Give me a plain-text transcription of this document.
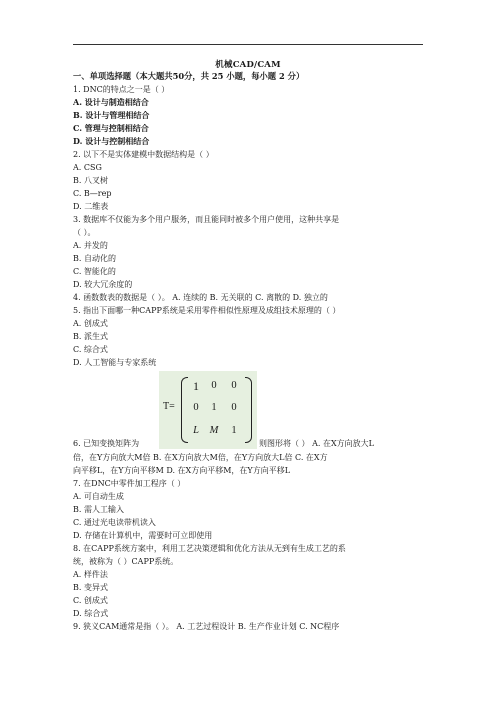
机械CAD/CAM
一、单项选择题（本大题共50分，共 25 小题，每小题 2 分）
1. DNC的特点之一是（ ）
A. 设计与制造相结合
B. 设计与管理相结合
C. 管理与控制相结合
D. 设计与控制相结合
2. 以下不是实体建模中数据结构是（ ）
A. CSG
B. 八叉树
C. B—rep
D. 二维表
3. 数据库不仅能为多个用户服务，而且能同时被多个用户使用，这种共享是
（ ）。
A. 并发的
B. 自动化的
C. 智能化的
D. 较大冗余度的
4. 函数数表的数据是（ ）。 A. 连续的 B. 无关联的 C. 离散的 D. 独立的
5. 指出下面哪一种CAPP系统是采用零件相似性原理及成组技术原理的（ ）
A. 创成式
B. 派生式
C. 综合式
D. 人工智能与专家系统
T=
1	0	0
0	1	0
L	M	1
6. 已知变换矩阵为	则图形将（ ） A. 在X方向放大L
倍，在Y方向放大M倍 B. 在X方向放大M倍，在Y方向放大L倍 C. 在X方
向平移L，在Y方向平移M D. 在X方向平移M，在Y方向平移L
7. 在DNC中零件加工程序（ ）
A. 可自动生成
B. 需人工输入
C. 通过光电读带机读入
D. 存储在计算机中，需要时可立即使用
8. 在CAPP系统方案中，利用工艺决策逻辑和优化方法从无到有生成工艺的系
统，被称为（ ）CAPP系统。
A. 样件法
B. 变异式
C. 创成式
D. 综合式
9. 狭义CAM通常是指（ ）。 A. 工艺过程设计 B. 生产作业计划 C. NC程序
